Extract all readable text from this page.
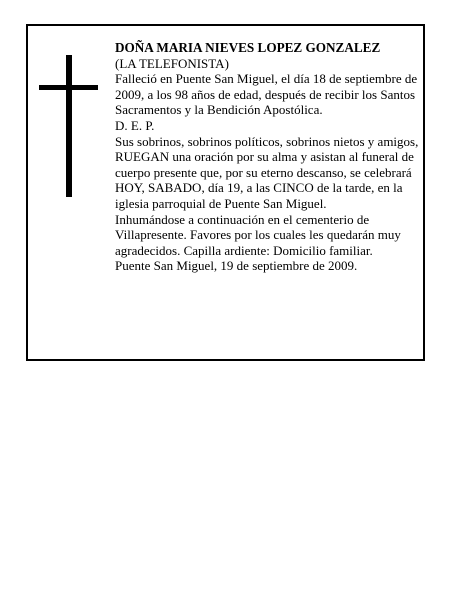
DOÑA MARIA NIEVES LOPEZ GONZALEZ

(LA TELEFONISTA)

Falleció en Puente San Miguel, el día 18 de septiembre de 2009, a los 98 años de edad, después de recibir los Santos Sacramentos y la Bendición Apostólica.

D. E. P.

Sus sobrinos, sobrinos políticos, sobrinos nietos y amigos,

RUEGAN una oración por su alma y asistan al funeral de cuerpo presente que, por su eterno descanso, se celebrará HOY, SABADO, día 19, a las CINCO de la tarde, en la iglesia parroquial de Puente San Miguel.

Inhumándose a continuación en el cementerio de Villapresente. Favores por los cuales les quedarán muy agradecidos. Capilla ardiente: Domicilio familiar.

Puente San Miguel, 19 de septiembre de 2009.
